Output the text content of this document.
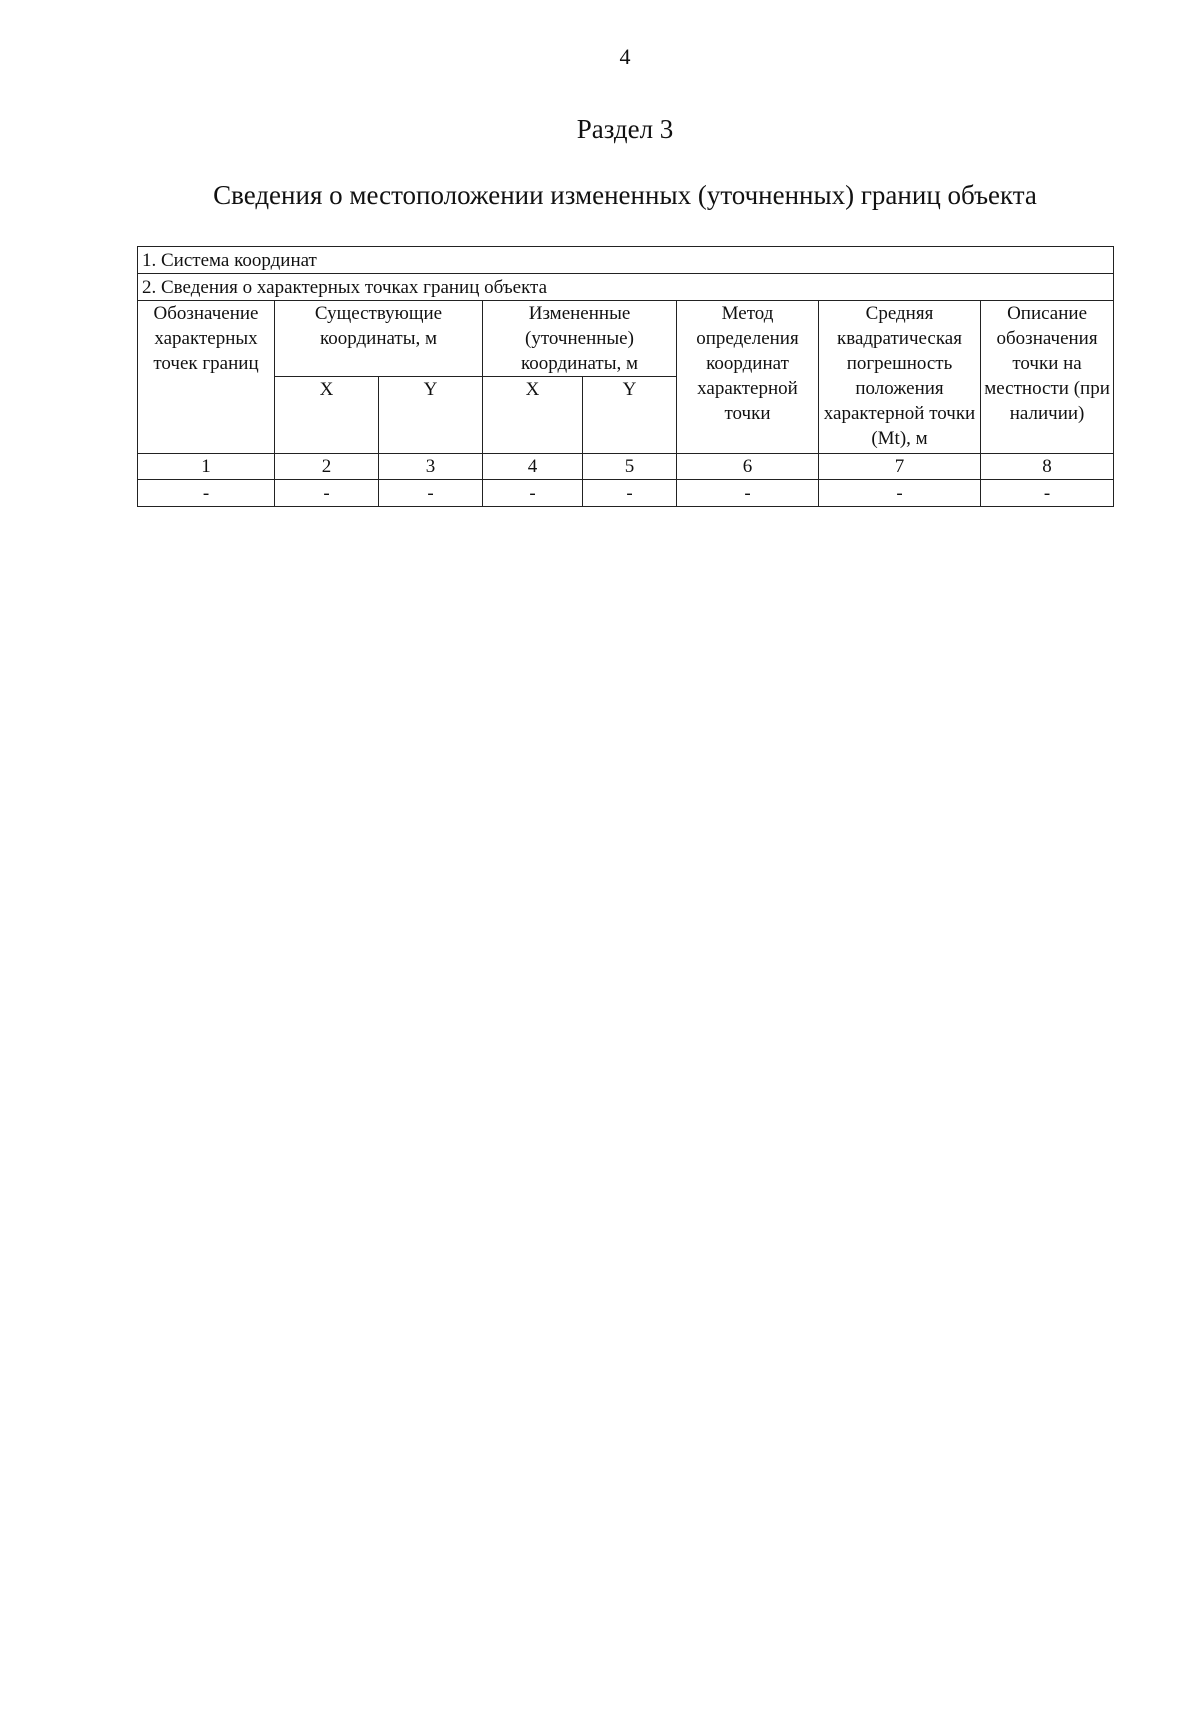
4
Раздел 3
Сведения о местоположении измененных (уточненных) границ объекта
1. Система координат							
2. Сведения о характерных точках границ объекта							
Обозначение характерных точек границ	Существующие координаты, м		Измененные (уточненные) координаты, м		Метод определения координат характерной точки	Средняя квадратическая погрешность положения характерной точки (Mt), м	Описание обозначения точки на местности (при наличии)
	X	Y	X	Y			
1	2	3	4	5	6	7	8
-	-	-	-	-	-	-	-
